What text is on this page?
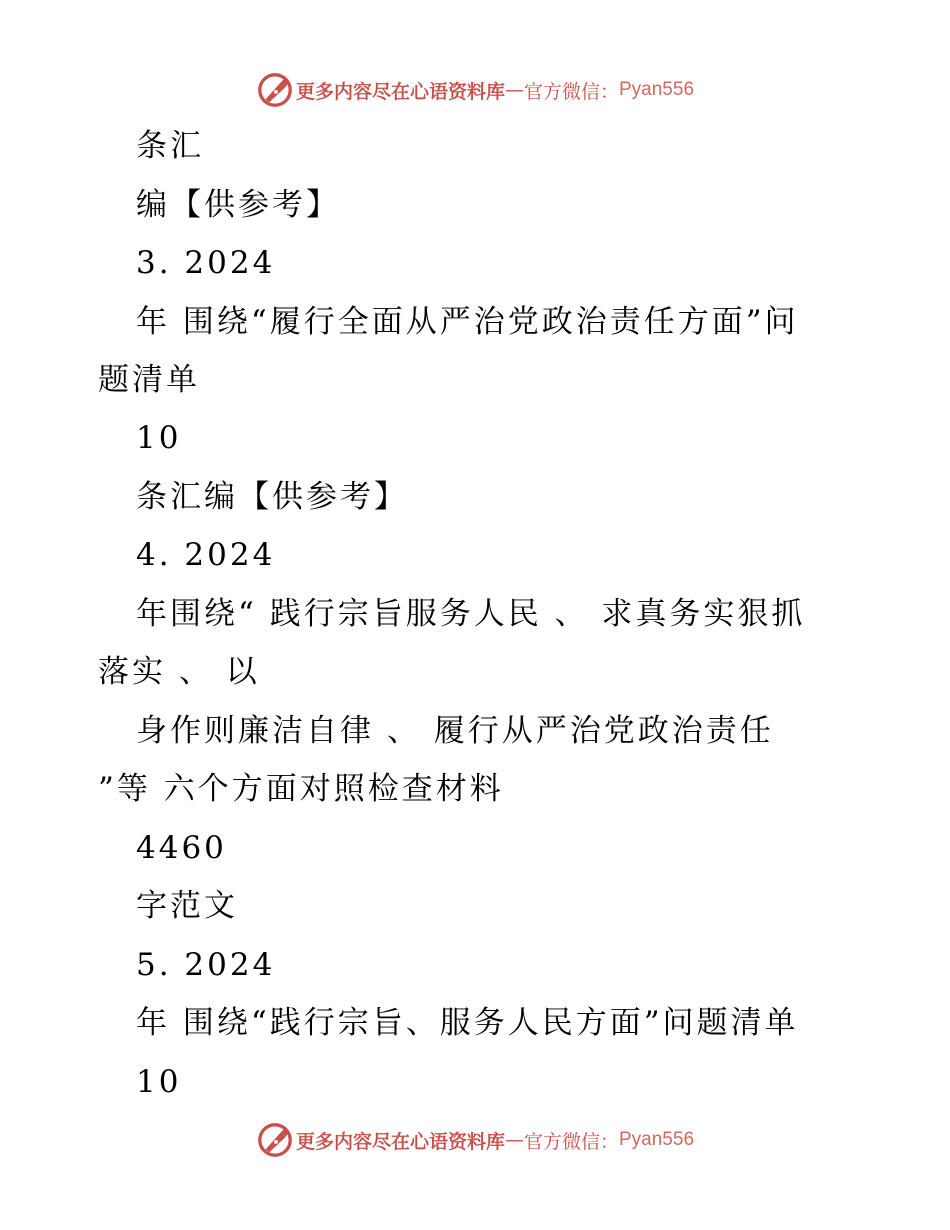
更多内容尽在心语资料库 — 官方微信： Pyan556
条汇
编【供参考】
3. 2024
年 围绕“履行全面从严治党政治责任方面”问
题清单
10
条汇编【供参考】
4. 2024
年围绕“ 践行宗旨服务人民 、 求真务实狠抓
落实 、 以
身作则廉洁自律 、 履行从严治党政治责任
”等 六个方面对照检查材料
4460
字范文
5. 2024
年 围绕“践行宗旨、服务人民方面”问题清单
10
更多内容尽在心语资料库 — 官方微信： Pyan556
